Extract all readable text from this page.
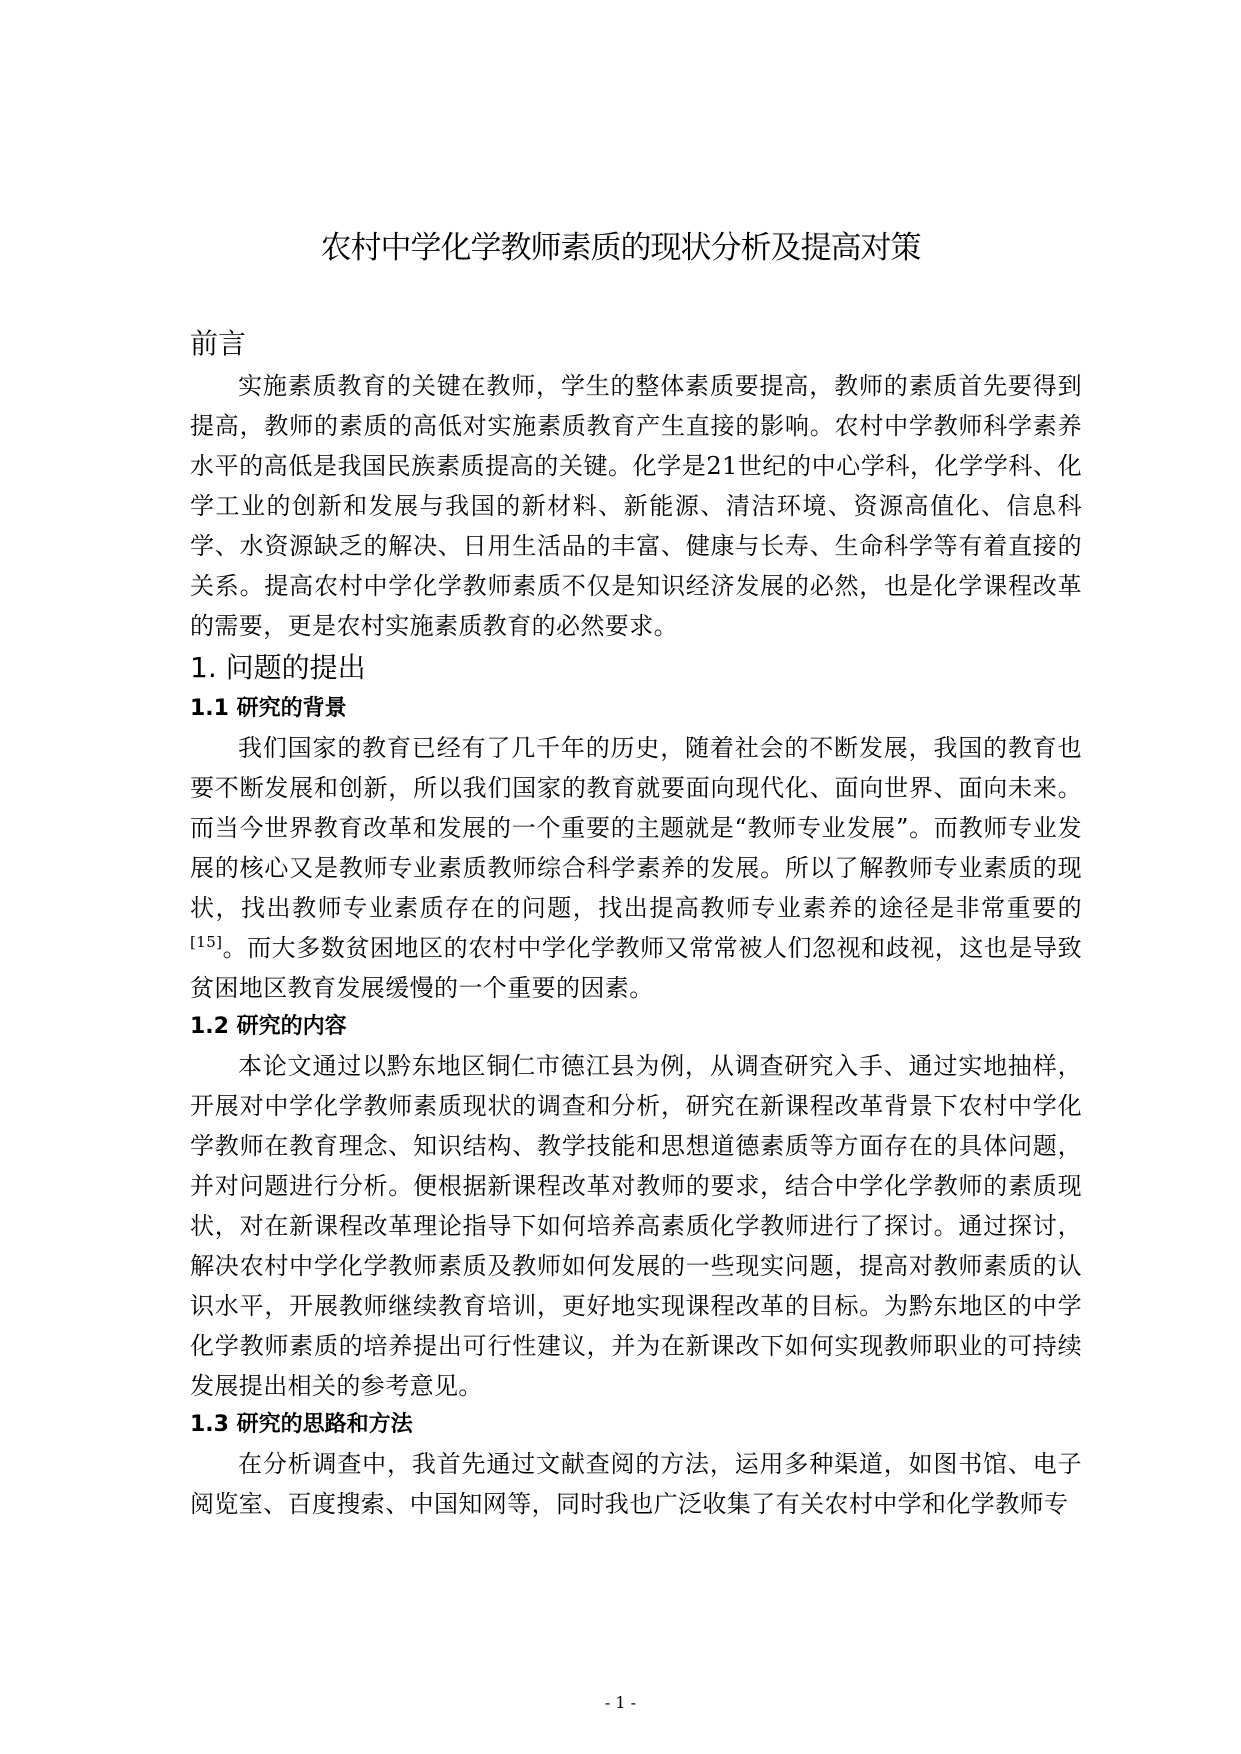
农村中学化学教师素质的现状分析及提高对策
前言

实施素质教育的关键在教师，学生的整体素质要提高，教师的素质首先要得到提高，教师的素质的高低对实施素质教育产生直接的影响。农村中学教师科学素养水平的高低是我国民族素质提高的关键。化学是21世纪的中心学科，化学学科、化学工业的创新和发展与我国的新材料、新能源、清洁环境、资源高值化、信息科学、水资源缺乏的解决、日用生活品的丰富、健康与长寿、生命科学等有着直接的关系。提高农村中学化学教师素质不仅是知识经济发展的必然，也是化学课程改革的需要，更是农村实施素质教育的必然要求。

1. 问题的提出
1.1 研究的背景

我们国家的教育已经有了几千年的历史，随着社会的不断发展，我国的教育也要不断发展和创新，所以我们国家的教育就要面向现代化、面向世界、面向未来。而当今世界教育改革和发展的一个重要的主题就是“教师专业发展”。而教师专业发展的核心又是教师专业素质教师综合科学素养的发展。所以了解教师专业素质的现状，找出教师专业素质存在的问题，找出提高教师专业素养的途径是非常重要的[15]。而大多数贫困地区的农村中学化学教师又常常被人们忽视和歧视，这也是导致贫困地区教育发展缓慢的一个重要的因素。

1.2 研究的内容

本论文通过以黔东地区铜仁市德江县为例，从调查研究入手、通过实地抽样，开展对中学化学教师素质现状的调查和分析，研究在新课程改革背景下农村中学化学教师在教育理念、知识结构、教学技能和思想道德素质等方面存在的具体问题，并对问题进行分析。便根据新课程改革对教师的要求，结合中学化学教师的素质现状，对在新课程改革理论指导下如何培养高素质化学教师进行了探讨。通过探讨，解决农村中学化学教师素质及教师如何发展的一些现实问题，提高对教师素质的认识水平，开展教师继续教育培训，更好地实现课程改革的目标。为黔东地区的中学化学教师素质的培养提出可行性建议，并为在新课改下如何实现教师职业的可持续发展提出相关的参考意见。

1.3 研究的思路和方法

在分析调查中，我首先通过文献查阅的方法，运用多种渠道，如图书馆、电子阅览室、百度搜索、中国知网等，同时我也广泛收集了有关农村中学和化学教师专

- 1 -
